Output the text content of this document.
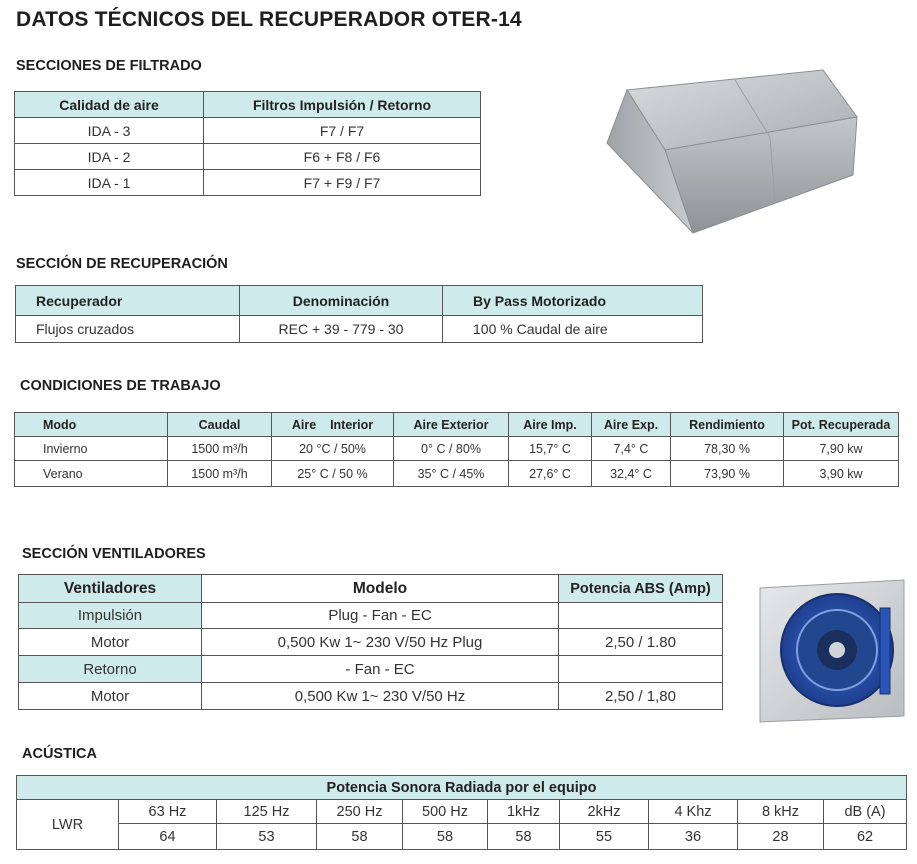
DATOS TÉCNICOS DEL RECUPERADOR OTER-14
SECCIONES DE FILTRADO
Calidad de aire	Filtros Impulsión / Retorno
IDA - 3	F7 / F7
IDA - 2	F6 + F8 / F6
IDA - 1	F7 + F9 / F7
SECCIÓN DE RECUPERACIÓN
Recuperador	Denominación	By Pass Motorizado
Flujos cruzados	REC + 39 - 779 - 30	100 % Caudal de aire
CONDICIONES DE TRABAJO
Modo	Caudal	Aire    Interior	Aire Exterior	Aire Imp.	Aire Exp.	Rendimiento	Pot. Recuperada
Invierno	1500 m³/h	20 °C / 50%	0° C / 80%	15,7° C	7,4° C	78,30 %	7,90 kw
Verano	1500 m³/h	25° C / 50 %	35° C / 45%	27,6° C	32,4° C	73,90 %	3,90 kw
SECCIÓN VENTILADORES
Ventiladores	Modelo	Potencia ABS (Amp)
Impulsión	Plug - Fan - EC	
Motor	0,500 Kw 1~ 230 V/50 Hz Plug	2,50 / 1.80
Retorno	- Fan - EC	
Motor	0,500 Kw 1~ 230 V/50 Hz	2,50 / 1,80
ACÚSTICA
Potencia Sonora Radiada por el equipo									
LWR	63 Hz	125 Hz	250 Hz	500 Hz	1kHz	2kHz	4 Khz	8 kHz	dB (A)
	64	53	58	58	58	55	36	28	62
